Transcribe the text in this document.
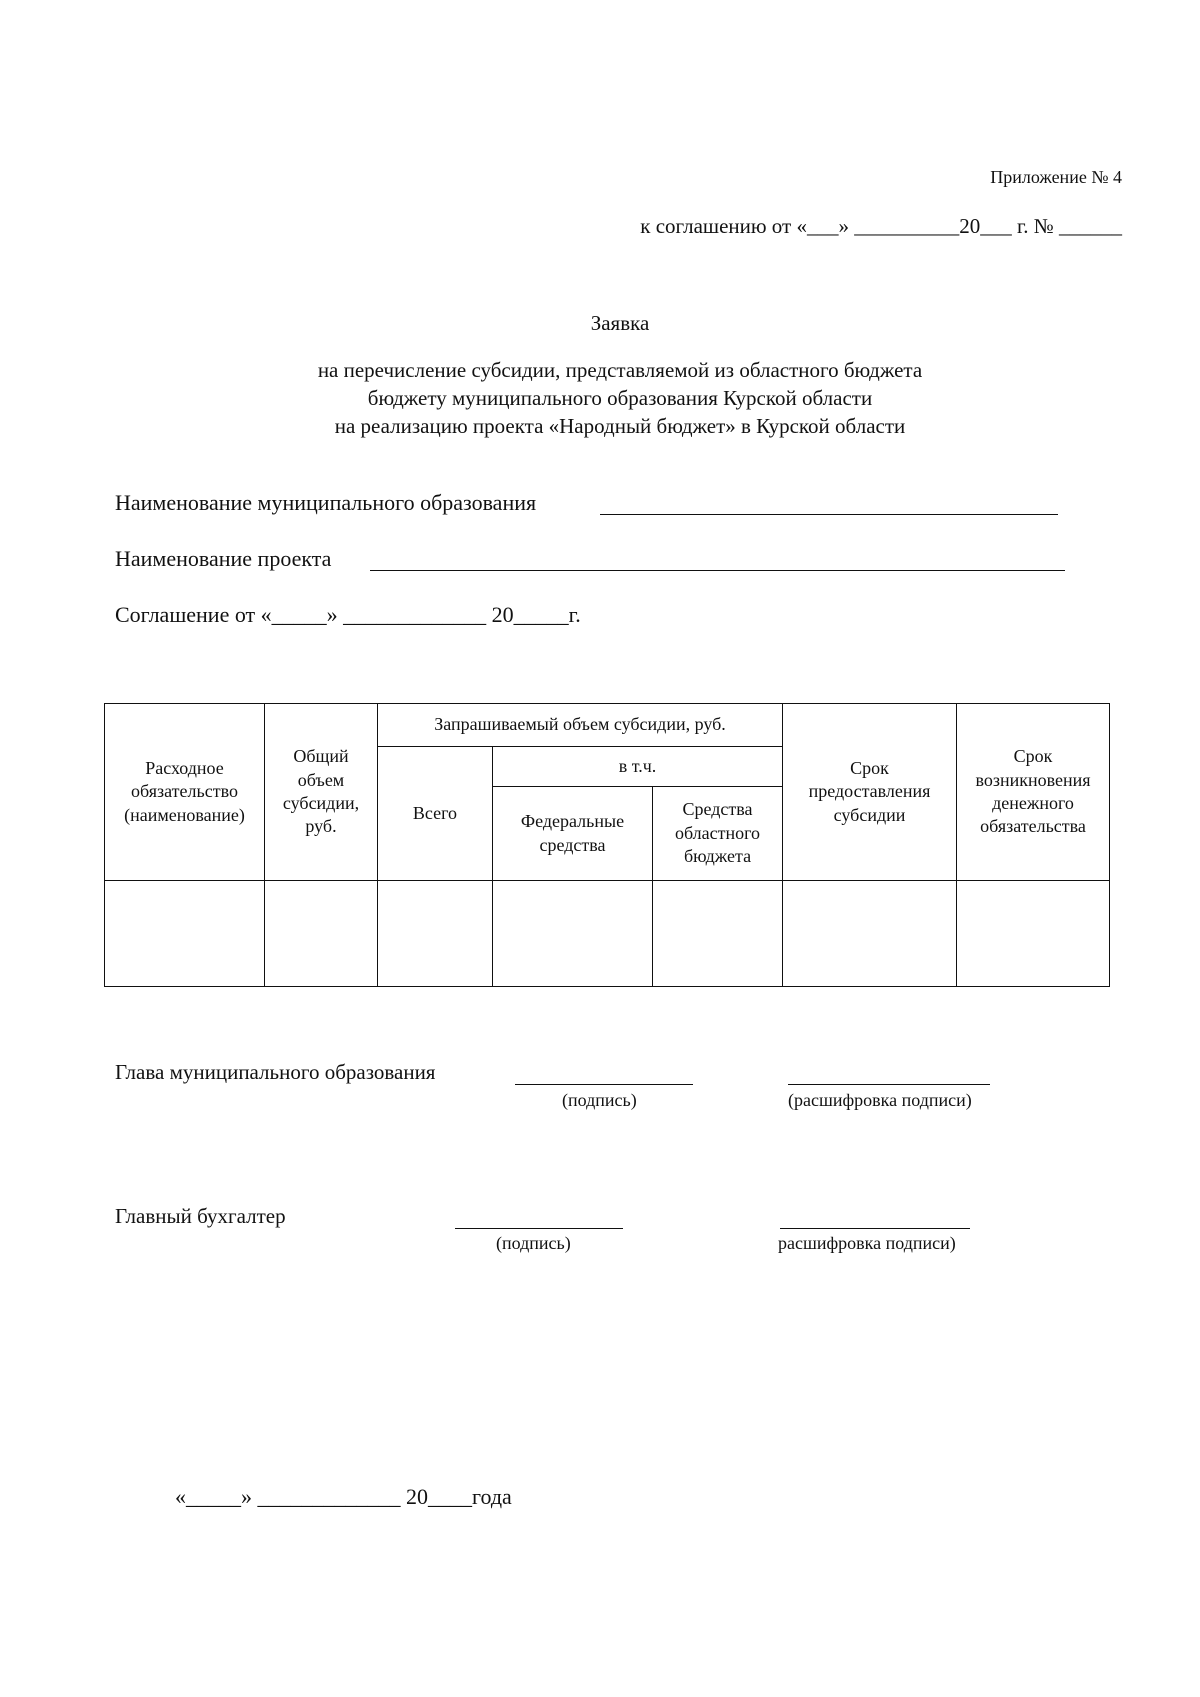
Приложение № 4
к соглашению от «___» __________20___ г. № ______
Заявка
на перечисление субсидии, представляемой из областного бюджета
бюджету муниципального образования Курской области
на реализацию проекта «Народный бюджет» в Курской области
Наименование муниципального образования
Наименование проекта
Соглашение от «_____» _____________ 20_____г.
Расходное обязательство (наименование)	Общий объем субсидии, руб.	Запрашиваемый объем субсидии, руб.			Срок предоставления субсидии	Срок возникновения денежного обязательства
		Всего	в т.ч.			
			Федеральные средства	Средства областного бюджета		

Глава муниципального образования
(подпись)	(расшифровка подписи)
Главный бухгалтер
(подпись)	расшифровка подписи)
«_____» _____________ 20____года
